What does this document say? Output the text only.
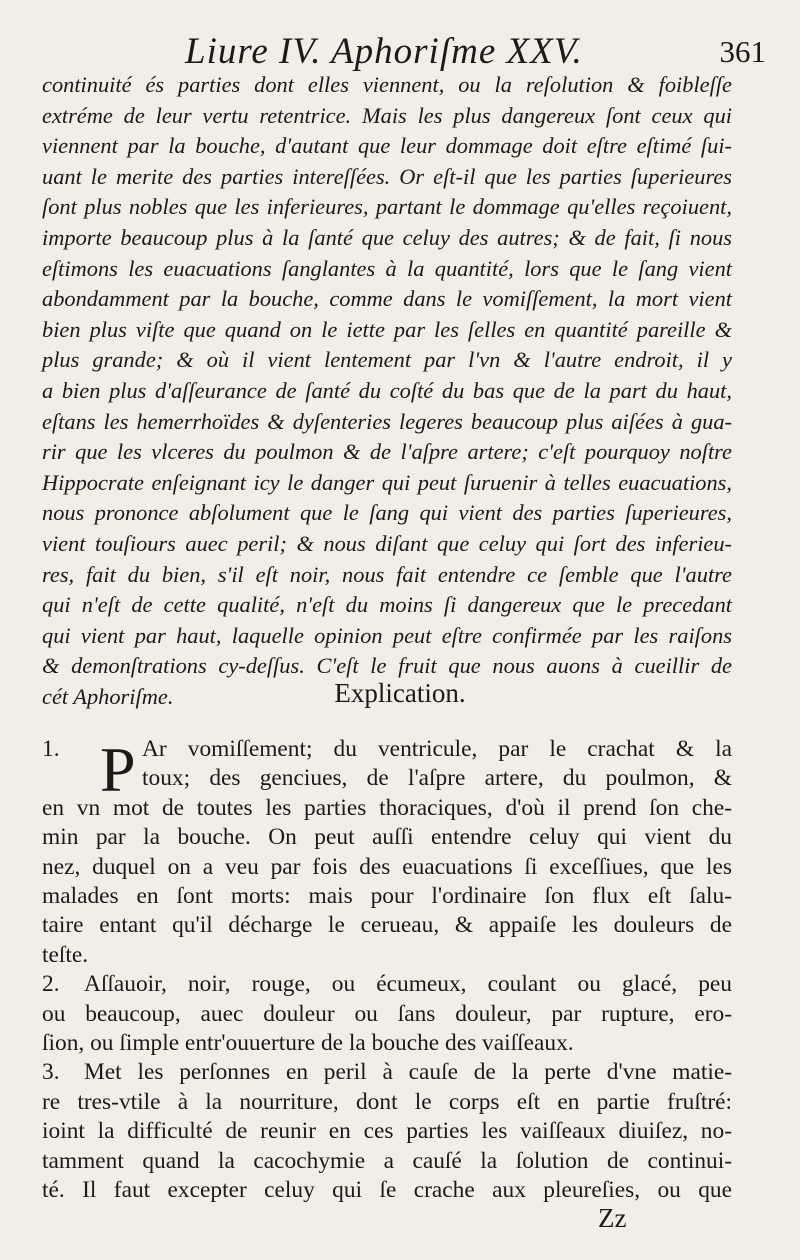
Liure IV. Aphoriſme XXV.	361
continuité és parties dont elles viennent, ou la reſolution & foibleſſe
extréme de leur vertu retentrice. Mais les plus dangereux ſont ceux qui
viennent par la bouche, d'autant que leur dommage doit eſtre eſtimé ſui-
uant le merite des parties intereſſées. Or eſt-il que les parties ſuperieures
ſont plus nobles que les inferieures, partant le dommage qu'elles reçoiuent,
importe beaucoup plus à la ſanté que celuy des autres; & de fait, ſi nous
eſtimons les euacuations ſanglantes à la quantité, lors que le ſang vient
abondamment par la bouche, comme dans le vomiſſement, la mort vient
bien plus viſte que quand on le iette par les ſelles en quantité pareille &
plus grande; & où il vient lentement par l'vn & l'autre endroit, il y
a bien plus d'aſſeurance de ſanté du coſté du bas que de la part du haut,
eſtans les hemerrhoïdes & dyſenteries legeres beaucoup plus aiſées à gua-
rir que les vlceres du poulmon & de l'aſpre artere; c'eſt pourquoy noſtre
Hippocrate enſeignant icy le danger qui peut ſuruenir à telles euacuations,
nous prononce abſolument que le ſang qui vient des parties ſuperieures,
vient touſiours auec peril; & nous diſant que celuy qui ſort des inferieu-
res, fait du bien, s'il eſt noir, nous fait entendre ce ſemble que l'autre
qui n'eſt de cette qualité, n'eſt du moins ſi dangereux que le precedant
qui vient par haut, laquelle opinion peut eſtre confirmée par les raiſons
& demonſtrations cy-deſſus. C'eſt le fruit que nous auons à cueillir de
cét Aphoriſme.	Explication.
1. P Ar vomiſſement; du ventricule, par le crachat & la
toux; des genciues, de l'aſpre artere, du poulmon, &
en vn mot de toutes les parties thoraciques, d'où il prend ſon che-
min par la bouche. On peut auſſi entendre celuy qui vient du
nez, duquel on a veu par fois des euacuations ſi exceſſiues, que les
malades en ſont morts: mais pour l'ordinaire ſon flux eſt ſalu-
taire entant qu'il décharge le cerueau, & appaiſe les douleurs de
teſte.
2.	Aſſauoir, noir, rouge, ou écumeux, coulant ou glacé, peu
ou beaucoup, auec douleur ou ſans douleur, par rupture, ero-
ſion, ou ſimple entr'ouuerture de la bouche des vaiſſeaux.
3.	Met les perſonnes en peril à cauſe de la perte d'vne matie-
re tres-vtile à la nourriture, dont le corps eſt en partie fruſtré:
ioint la difficulté de reunir en ces parties les vaiſſeaux diuiſez, no-
tamment quand la cacochymie a cauſé la ſolution de continui-
té. Il faut excepter celuy qui ſe crache aux pleureſies, ou que
Zz
